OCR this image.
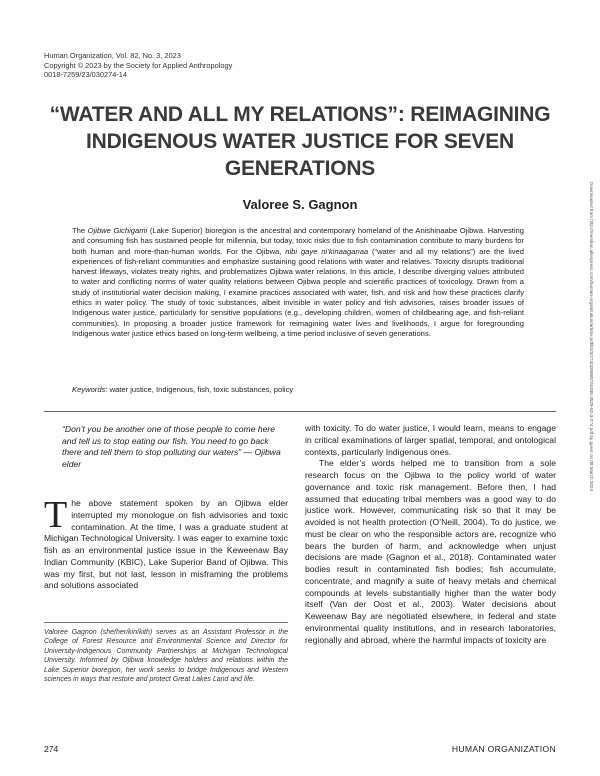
Human Organization, Vol. 82, No. 3, 2023
Copyright © 2023 by the Society for Applied Anthropology
0018-7259/23/030274-14
“WATER AND ALL MY RELATIONS”: REIMAGINING
INDIGENOUS WATER JUSTICE FOR SEVEN
GENERATIONS
Valoree S. Gagnon

The Ojibwe Gichigami (Lake Superior) bioregion is the ancestral and contemporary homeland of the Anishinaabe Ojibwa. Harvesting and consuming fish has sustained people for millennia, but today, toxic risks due to fish contamination contribute to many burdens for both human and more-than-human worlds. For the Ojibwa, nibi gaye ni’kinaaganaa (“water and all my relations”) are the lived experiences of fish-reliant communities and emphasize sustaining good relations with water and relatives. Toxicity disrupts traditional harvest lifeways, violates treaty rights, and problematizes Ojibwa water relations. In this article, I describe diverging values attributed to water and conflicting norms of water quality relations between Ojibwa people and scientific practices of toxicology. Drawn from a study of institutional water decision making, I examine practices associated with water, fish, and risk and how these practices clarify ethics in water policy. The study of toxic substances, albeit invisible in water policy and fish advisories, raises broader issues of Indigenous water justice, particularly for sensitive populations (e.g., developing children, women of childbearing age, and fish-reliant communities). In proposing a broader justice framework for reimagining water lives and livelihoods, I argue for foregrounding Indigenous water justice ethics based on long-term wellbeing, a time period inclusive of seven generations.

Keywords: water justice, Indigenous, fish, toxic substances, policy	Downloaded from http://meridian.allenpress.com/human-organization/article-pdf/82/3/274/3268887/i1938-3525-82-3-274.pdf by guest on 08 March 2024

“Don’t you be another one of those people to come here and tell us to stop eating our fish. You need to go back there and tell them to stop polluting our waters” — Ojibwa elder

The above statement spoken by an Ojibwa elder interrupted my monologue on fish advisories and toxic contamination. At the time, I was a graduate student at Michigan Technological University. I was eager to examine toxic fish as an environmental justice issue in the Keweenaw Bay Indian Community (KBIC), Lake Superior Band of Ojibwa. This was my first, but not last, lesson in misframing the problems and solutions associated

with toxicity. To do water justice, I would learn, means to engage in critical examinations of larger spatial, temporal, and ontological contexts, particularly Indigenous ones.

The elder’s words helped me to transition from a sole research focus on the Ojibwa to the policy world of water governance and toxic risk management. Before then, I had assumed that educating tribal members was a good way to do justice work. However, communicating risk so that it may be avoided is not health protection (O’Neill, 2004). To do justice, we must be clear on who the responsible actors are, recognize who bears the burden of harm, and acknowledge when unjust decisions are made (Gagnon et al., 2018). Contaminated water bodies result in contaminated fish bodies; fish accumulate, concentrate, and magnify a suite of heavy metals and chemical compounds at levels substantially higher than the water body itself (Van der Oost et al., 2003). Water decisions about Keweenaw Bay are negotiated elsewhere, in federal and state environmental quality institutions, and in research laboratories, regionally and abroad, where the harmful impacts of toxicity are

Valoree Gagnon (she/her/kin/kith) serves as an Assistant Professor in the College of Forest Resource and Environmental Science and Director for University-Indigenous Community Partnerships at Michigan Technological University. Informed by Ojibwa knowledge holders and relations within the Lake Superior bioregion, her work seeks to bridge Indigenous and Western sciences in ways that restore and protect Great Lakes Land and life.

274	HUMAN ORGANIZATION
